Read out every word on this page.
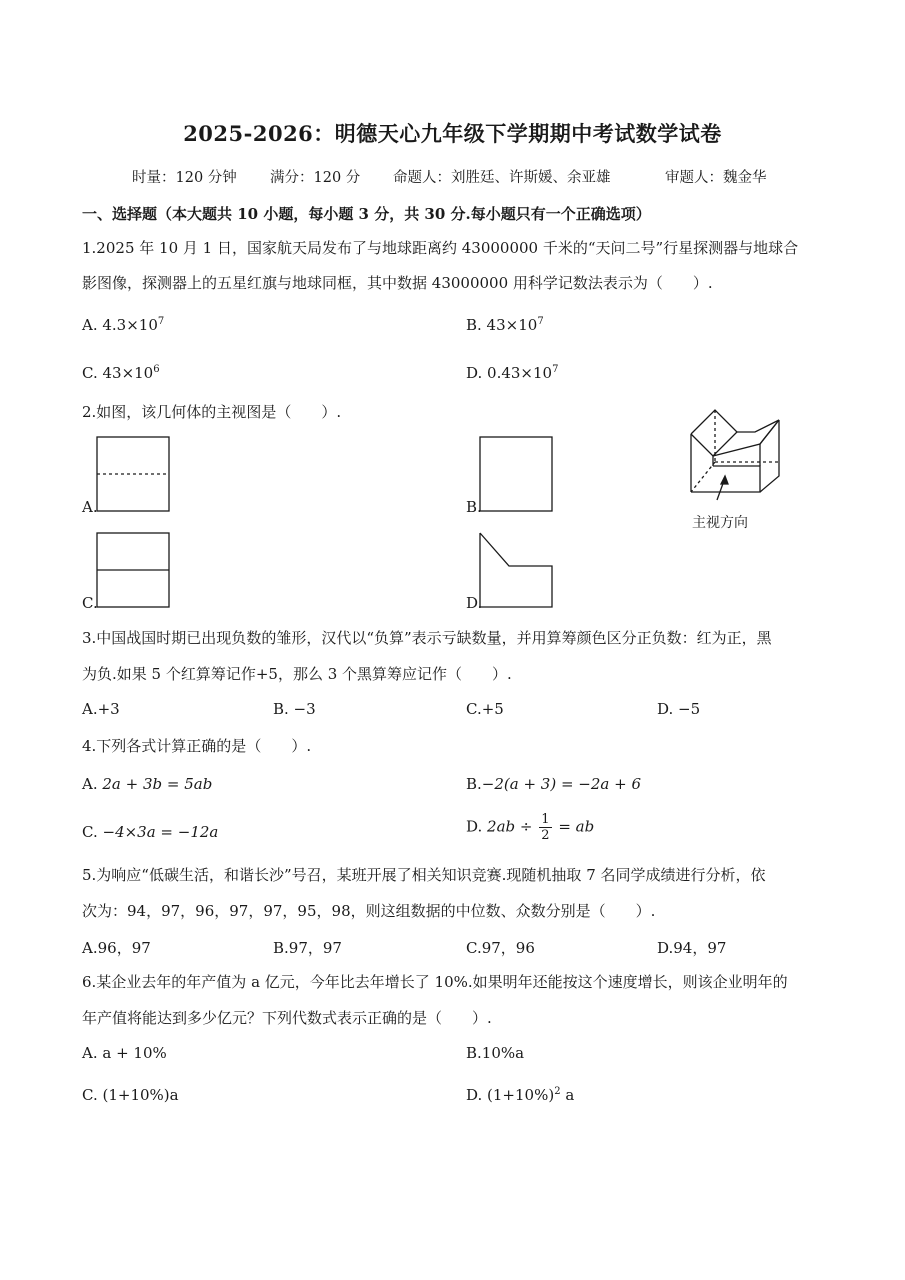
2025-2026：明德天心九年级下学期期中考试数学试卷
时量：120 分钟 满分：120 分 命题人：刘胜廷、许斯媛、余亚雄	审题人：魏金华
一、选择题（本大题共 10 小题，每小题 3 分，共 30 分.每小题只有一个正确选项）
1.2025 年 10 月 1 日，国家航天局发布了与地球距离约 43000000 千米的“天问二号”行星探测器与地球合
影图像，探测器上的五星红旗与地球同框，其中数据 43000000 用科学记数法表示为（　　）.
A. $4.3\times 10^7$	B. $43\times 10^7$
C. $43\times 10^6$	D. $0.43\times 10^7$
2.如图，该几何体的主视图是（　　）.
A.	B.
C.	D.
主视方向
3.中国战国时期已出现负数的雏形，汉代以“负算”表示亏缺数量，并用算筹颜色区分正负数：红为正，黑
为负.如果 5 个红算筹记作+5，那么 3 个黑算筹应记作（　　）.
A.+3	B. −3	C.+5	D. −5
4.下列各式计算正确的是（　　）.
A. 2a + 3b = 5ab	B.−2(a + 3) = −2a + 6
C. −4×3a = −12a	D. $2ab \div \frac{1}{2}$ = ab
5.为响应“低碳生活，和谐长沙”号召，某班开展了相关知识竞赛.现随机抽取 7 名同学成绩进行分析，依
次为：94，97，96，97，97，95，98，则这组数据的中位数、众数分别是（　　）.
A.96，97	B.97，97	C.97，96	D.94，97
6.某企业去年的年产值为 a 亿元，今年比去年增长了 10%.如果明年还能按这个速度增长，则该企业明年的
年产值将能达到多少亿元？下列代数式表示正确的是（　　）.
A. a + 10%	B.10%a
C. (1+10%)a	D. $(1+10\%)^2$ a
